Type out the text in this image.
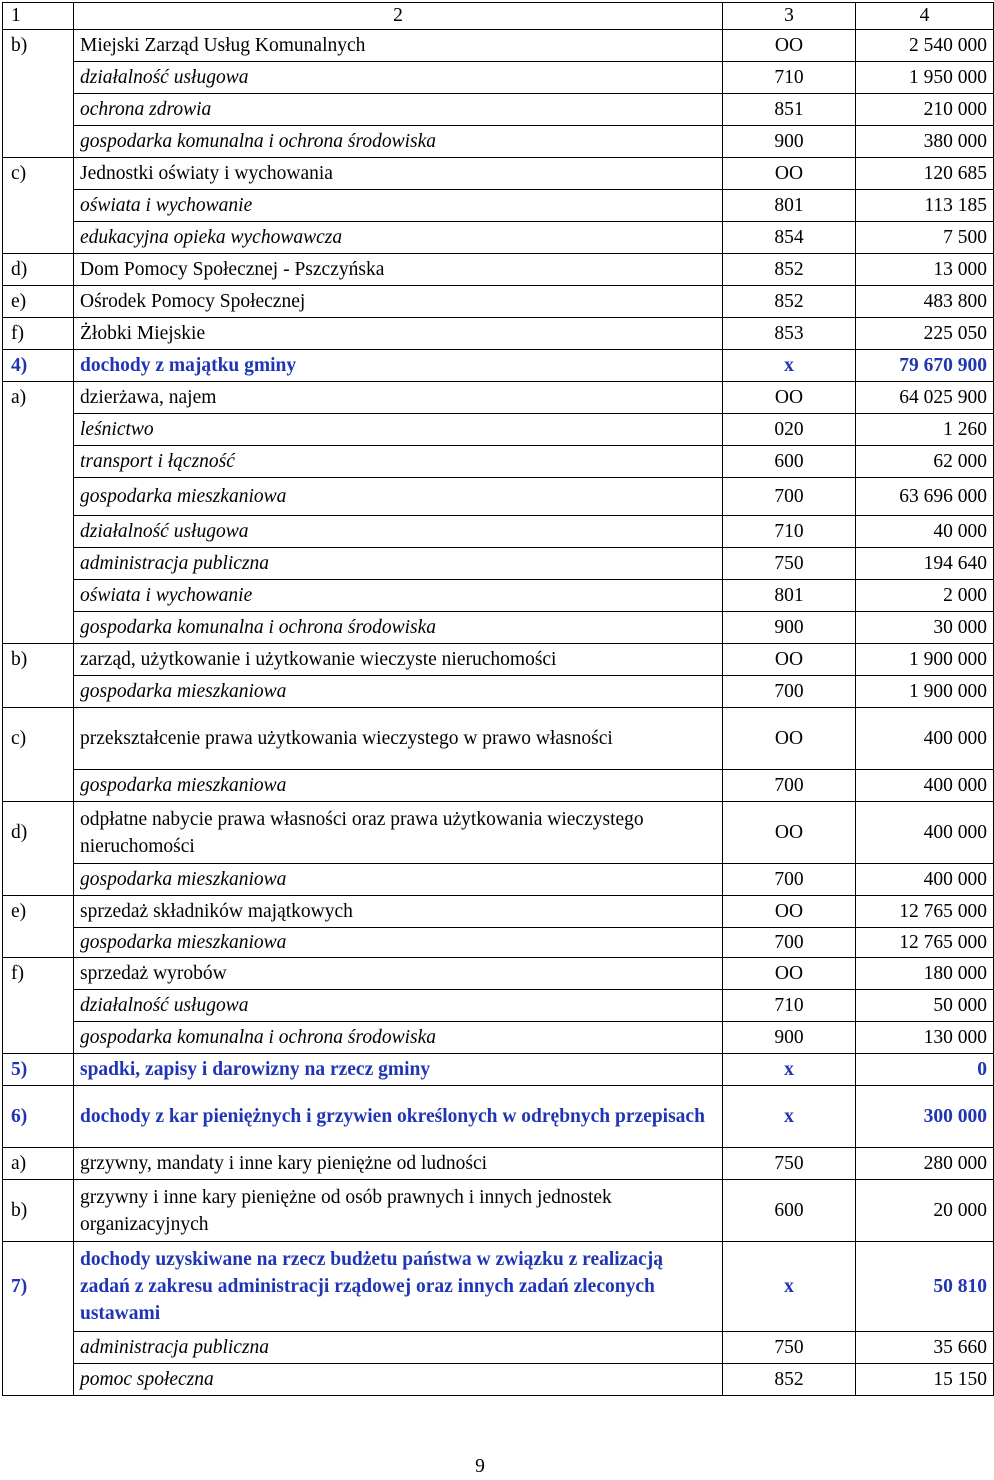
1	2	3	4
b)	Miejski Zarząd Usług Komunalnych	OO	2 540 000
	działalność usługowa	710	1 950 000
	ochrona zdrowia	851	210 000
	gospodarka komunalna i ochrona środowiska	900	380 000
c)	Jednostki oświaty i wychowania	OO	120 685
	oświata i wychowanie	801	113 185
	edukacyjna opieka wychowawcza	854	7 500
d)	Dom Pomocy Społecznej - Pszczyńska	852	13 000
e)	Ośrodek Pomocy Społecznej	852	483 800
f)	Żłobki Miejskie	853	225 050
4)	dochody z majątku gminy	x	79 670 900
a)	dzierżawa, najem	OO	64 025 900
	leśnictwo	020	1 260
	transport i łączność	600	62 000
	gospodarka mieszkaniowa	700	63 696 000
	działalność usługowa	710	40 000
	administracja publiczna	750	194 640
	oświata i wychowanie	801	2 000
	gospodarka komunalna i ochrona środowiska	900	30 000
b)	zarząd, użytkowanie i użytkowanie wieczyste nieruchomości	OO	1 900 000
	gospodarka mieszkaniowa	700	1 900 000
c)	przekształcenie prawa użytkowania wieczystego w prawo własności	OO	400 000
	gospodarka mieszkaniowa	700	400 000
d)	odpłatne nabycie prawa własności oraz prawa użytkowania wieczystego nieruchomości	OO	400 000
	gospodarka mieszkaniowa	700	400 000
e)	sprzedaż składników majątkowych	OO	12 765 000
	gospodarka mieszkaniowa	700	12 765 000
f)	sprzedaż wyrobów	OO	180 000
	działalność usługowa	710	50 000
	gospodarka komunalna i ochrona środowiska	900	130 000
5)	spadki, zapisy i darowizny na rzecz gminy	x	0
6)	dochody z kar pieniężnych i grzywien określonych w odrębnych przepisach	x	300 000
a)	grzywny, mandaty i inne kary pieniężne od ludności	750	280 000
b)	grzywny i inne kary pieniężne od osób prawnych i innych jednostek organizacyjnych	600	20 000
7)	dochody uzyskiwane na rzecz budżetu państwa w związku z realizacją zadań z zakresu administracji rządowej oraz innych zadań zleconych ustawami	x	50 810
	administracja publiczna	750	35 660
	pomoc społeczna	852	15 150
9
